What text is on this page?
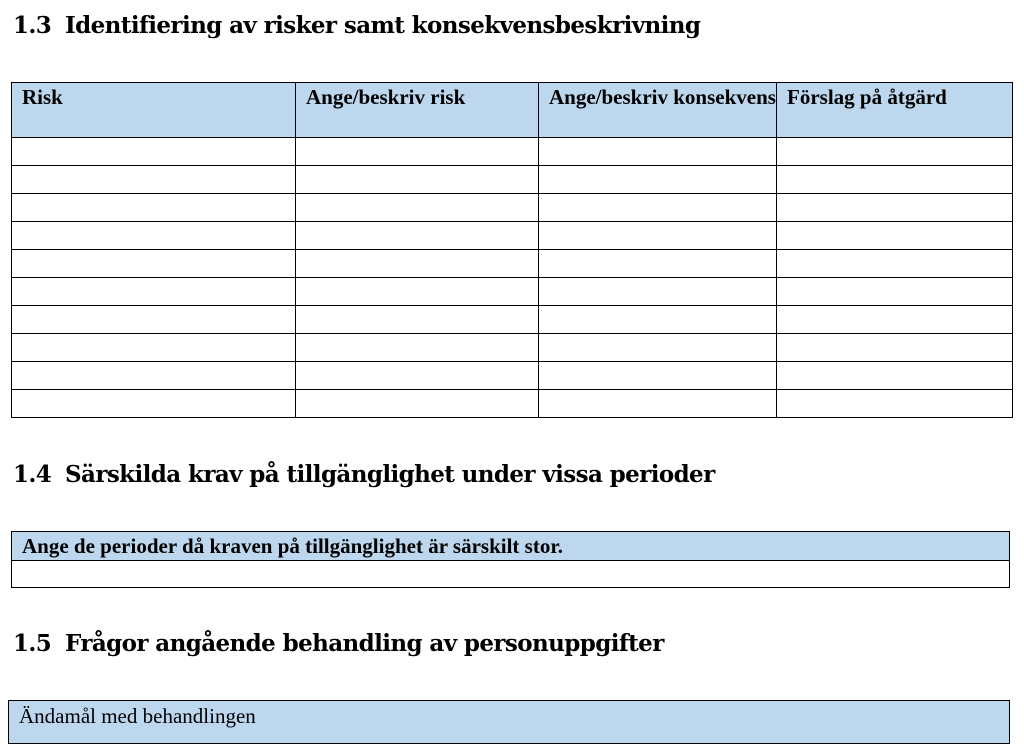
1.3 Identifiering av risker samt konsekvensbeskrivning
Risk	Ange/beskriv risk	Ange/beskriv konsekvens	Förslag på åtgärd

1.4 Särskilda krav på tillgänglighet under vissa perioder
Ange de perioder då kraven på tillgänglighet är särskilt stor.

1.5 Frågor angående behandling av personuppgifter
Ändamål med behandlingen
